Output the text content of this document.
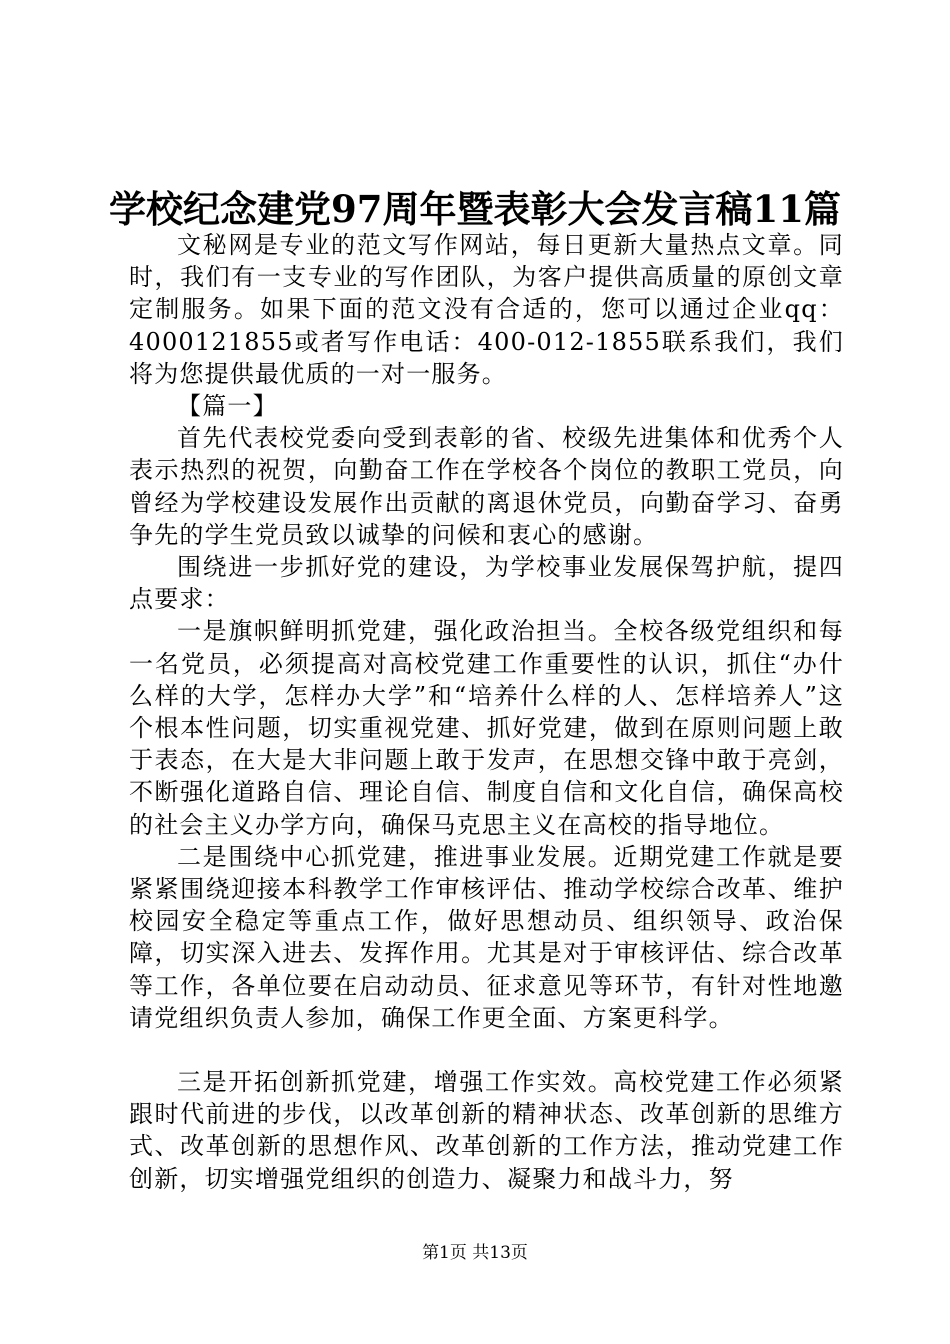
学校纪念建党97周年暨表彰大会发言稿11篇

文秘网是专业的范文写作网站，每日更新大量热点文章。同时，我们有一支专业的写作团队，为客户提供高质量的原创文章定制服务。如果下面的范文没有合适的，您可以通过企业qq：4000121855或者写作电话：400-012-1855联系我们，我们将为您提供最优质的一对一服务。

【篇一】

首先代表校党委向受到表彰的省、校级先进集体和优秀个人表示热烈的祝贺，向勤奋工作在学校各个岗位的教职工党员，向曾经为学校建设发展作出贡献的离退休党员，向勤奋学习、奋勇争先的学生党员致以诚挚的问候和衷心的感谢。

围绕进一步抓好党的建设，为学校事业发展保驾护航，提四点要求：

一是旗帜鲜明抓党建，强化政治担当。全校各级党组织和每一名党员，必须提高对高校党建工作重要性的认识，抓住“办什么样的大学，怎样办大学”和“培养什么样的人、怎样培养人”这个根本性问题，切实重视党建、抓好党建，做到在原则问题上敢于表态，在大是大非问题上敢于发声，在思想交锋中敢于亮剑，不断强化道路自信、理论自信、制度自信和文化自信，确保高校的社会主义办学方向，确保马克思主义在高校的指导地位。

二是围绕中心抓党建，推进事业发展。近期党建工作就是要紧紧围绕迎接本科教学工作审核评估、推动学校综合改革、维护校园安全稳定等重点工作，做好思想动员、组织领导、政治保障，切实深入进去、发挥作用。尤其是对于审核评估、综合改革等工作，各单位要在启动动员、征求意见等环节，有针对性地邀请党组织负责人参加，确保工作更全面、方案更科学。

三是开拓创新抓党建，增强工作实效。高校党建工作必须紧跟时代前进的步伐，以改革创新的精神状态、改革创新的思维方式、改革创新的思想作风、改革创新的工作方法，推动党建工作创新，切实增强党组织的创造力、凝聚力和战斗力，努

第1页 共13页
